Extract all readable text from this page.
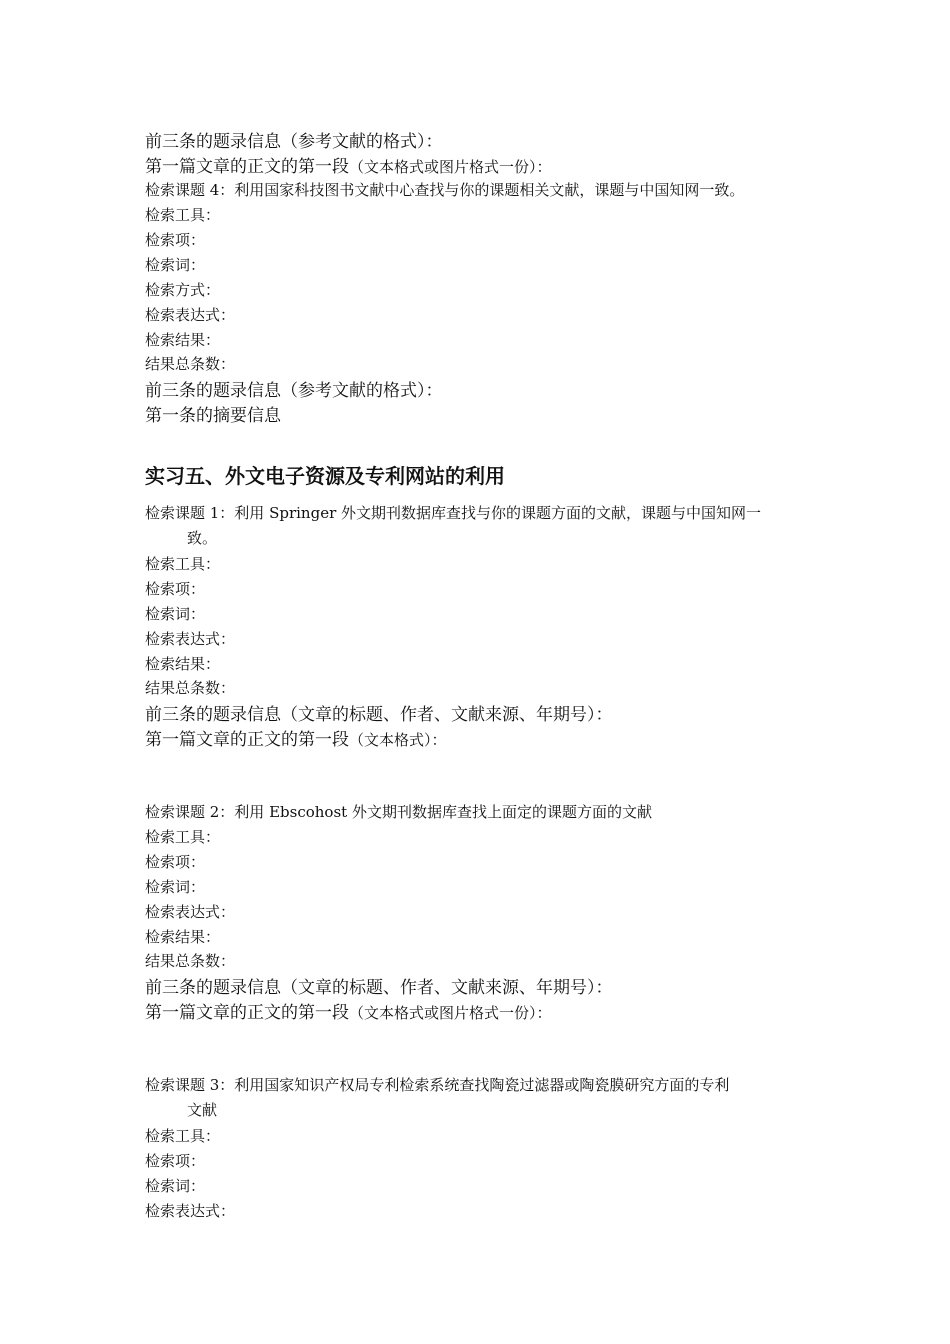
前三条的题录信息（参考文献的格式）：
第一篇文章的正文的第一段（文本格式或图片格式一份）：
检索课题 4：利用国家科技图书文献中心查找与你的课题相关文献，课题与中国知网一致。
检索工具：
检索项：
检索词：
检索方式：
检索表达式：
检索结果：
结果总条数：
前三条的题录信息（参考文献的格式）：
第一条的摘要信息
实习五、外文电子资源及专利网站的利用
检索课题 1：利用 Springer 外文期刊数据库查找与你的课题方面的文献，课题与中国知网一
致。
检索工具：
检索项：
检索词：
检索表达式：
检索结果：
结果总条数：
前三条的题录信息（文章的标题、作者、文献来源、年期号）：
第一篇文章的正文的第一段（文本格式）：
检索课题 2：利用 Ebscohost 外文期刊数据库查找上面定的课题方面的文献
检索工具：
检索项：
检索词：
检索表达式：
检索结果：
结果总条数：
前三条的题录信息（文章的标题、作者、文献来源、年期号）：
第一篇文章的正文的第一段（文本格式或图片格式一份）：
检索课题 3：利用国家知识产权局专利检索系统查找陶瓷过滤器或陶瓷膜研究方面的专利
文献
检索工具：
检索项：
检索词：
检索表达式：
